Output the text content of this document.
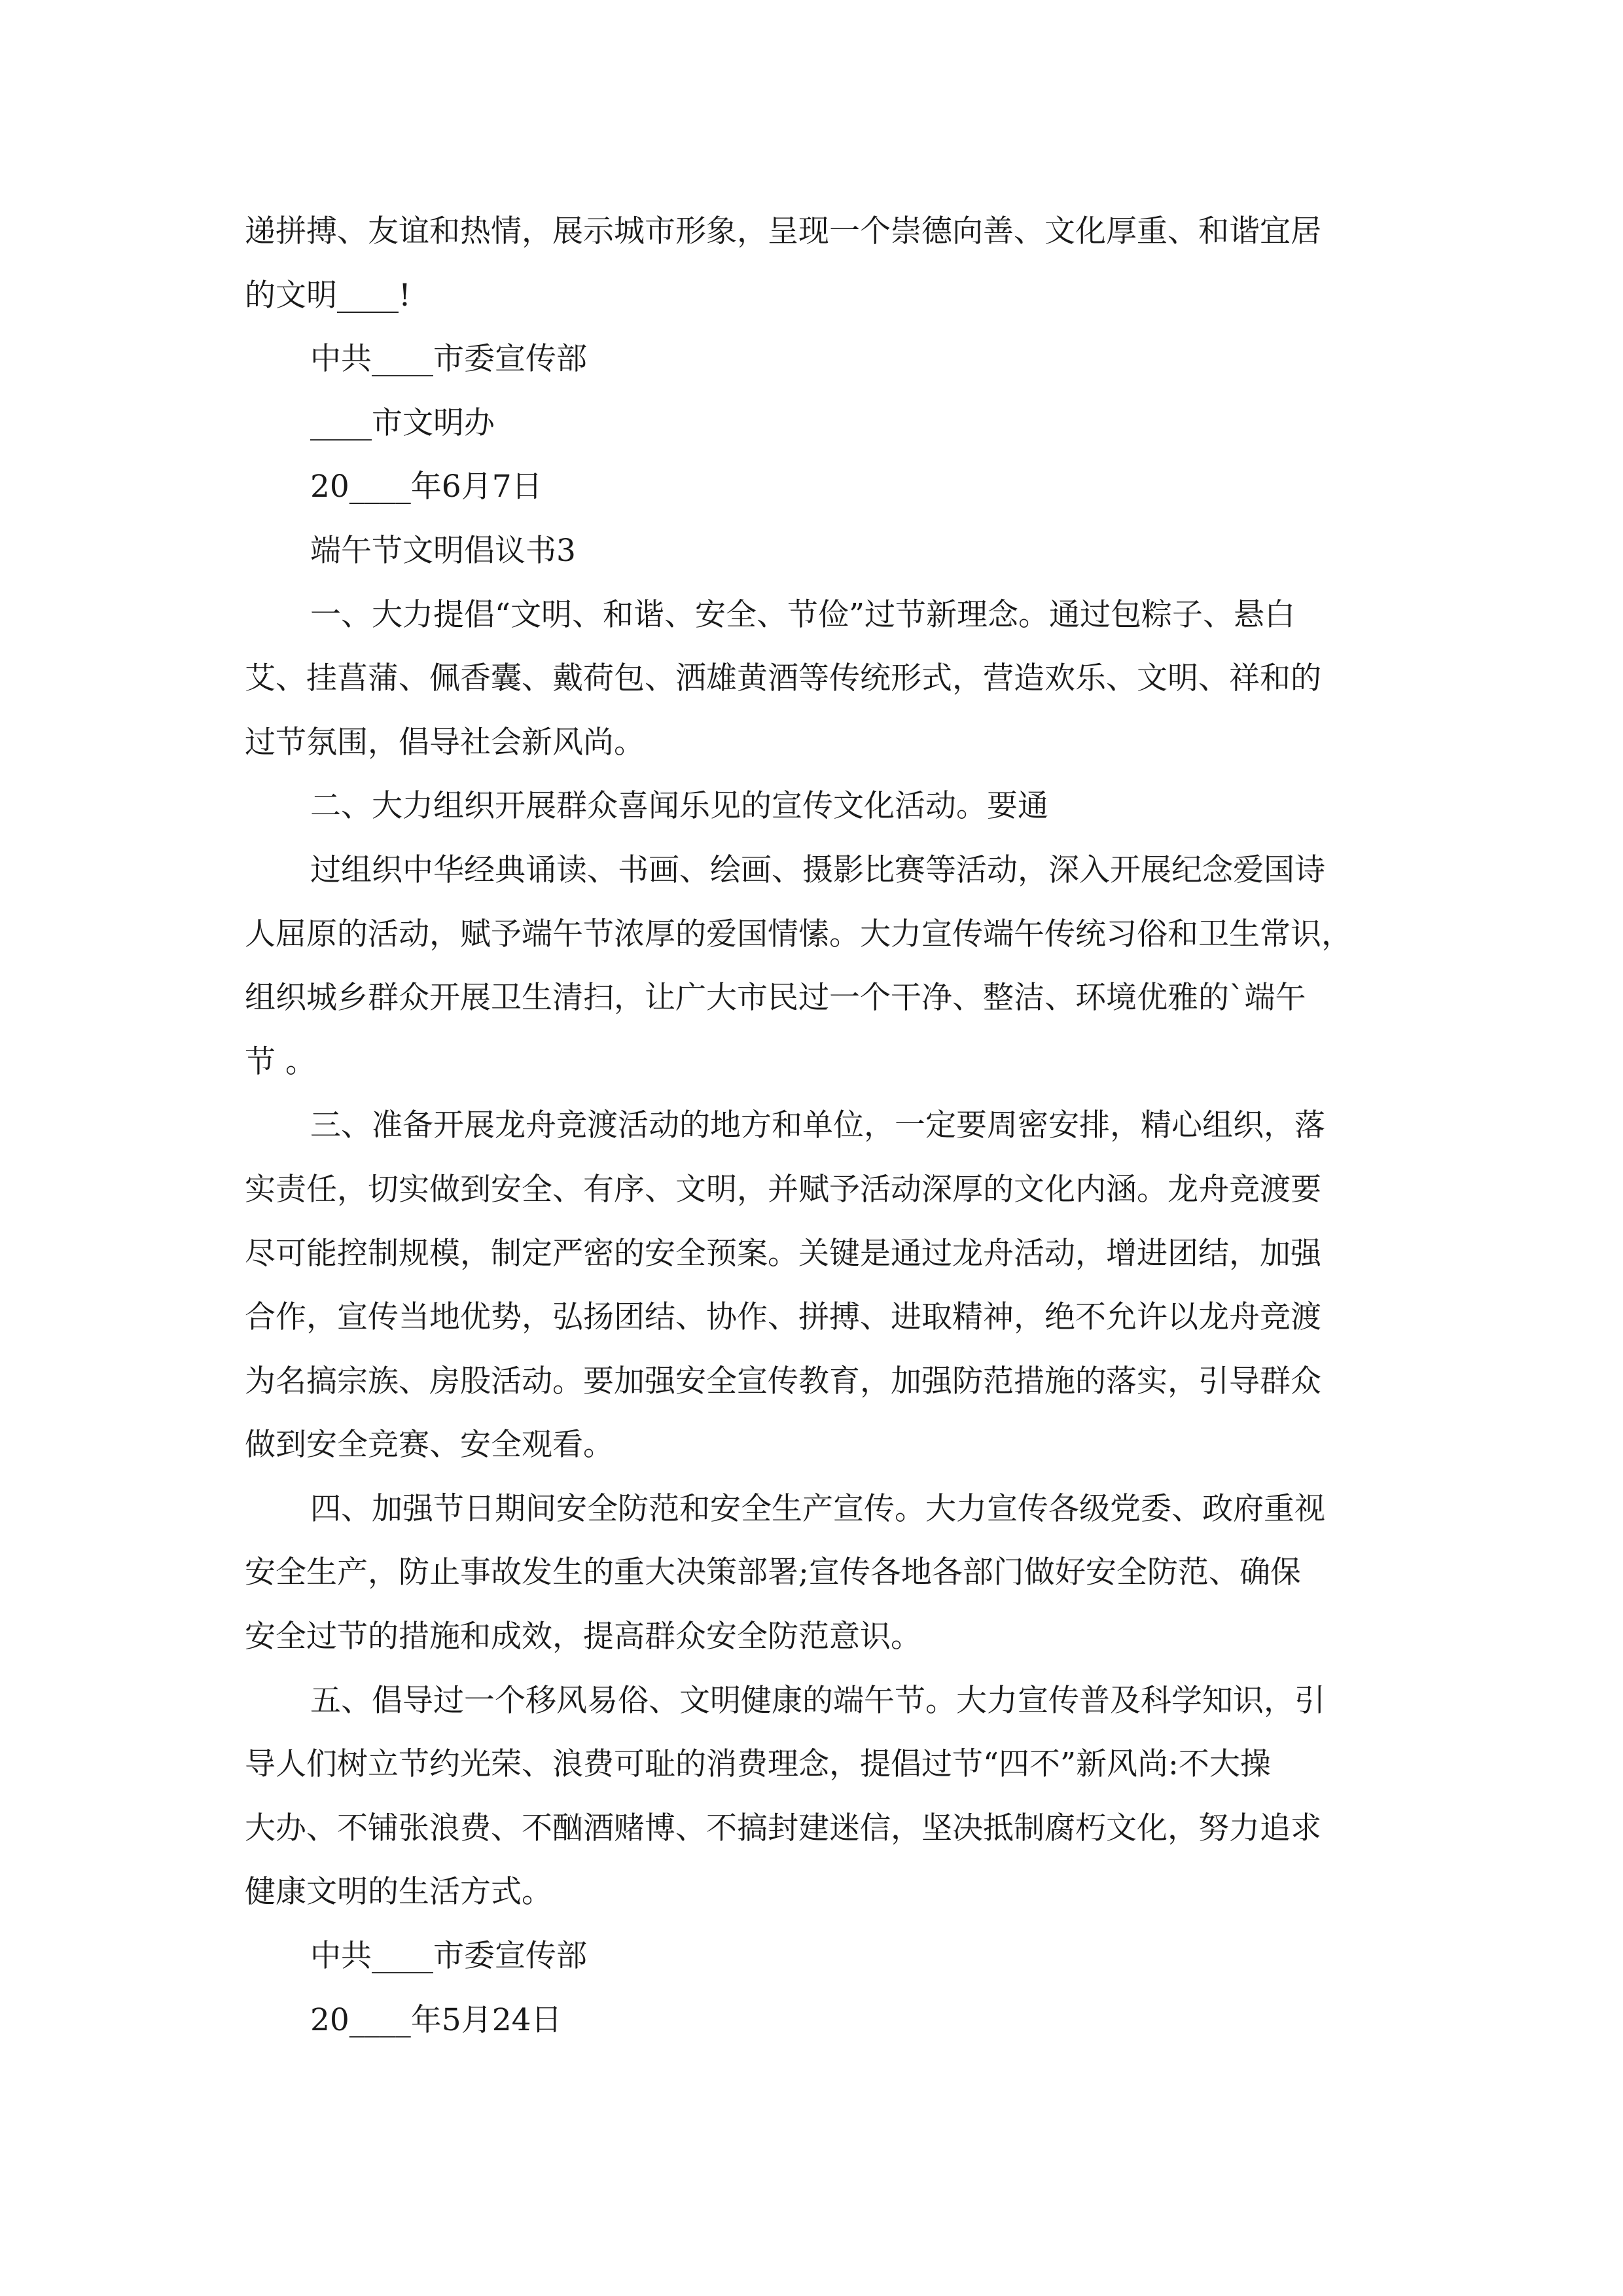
递拼搏、友谊和热情，展示城市形象，呈现一个崇德向善、文化厚重、和谐宜居
的文明____!
中共____市委宣传部
____市文明办
20____年6月7日
端午节文明倡议书3
一、大力提倡“文明、和谐、安全、节俭”过节新理念。通过包粽子、悬白
艾、挂菖蒲、佩香囊、戴荷包、洒雄黄酒等传统形式，营造欢乐、文明、祥和的
过节氛围，倡导社会新风尚。
二、大力组织开展群众喜闻乐见的宣传文化活动。要通
过组织中华经典诵读、书画、绘画、摄影比赛等活动，深入开展纪念爱国诗
人屈原的活动，赋予端午节浓厚的爱国情愫。大力宣传端午传统习俗和卫生常识，
组织城乡群众开展卫生清扫，让广大市民过一个干净、整洁、环境优雅的`端午
节 。
三、准备开展龙舟竞渡活动的地方和单位，一定要周密安排，精心组织，落
实责任，切实做到安全、有序、文明，并赋予活动深厚的文化内涵。龙舟竞渡要
尽可能控制规模，制定严密的安全预案。关键是通过龙舟活动，增进团结，加强
合作，宣传当地优势，弘扬团结、协作、拼搏、进取精神，绝不允许以龙舟竞渡
为名搞宗族、房股活动。要加强安全宣传教育，加强防范措施的落实，引导群众
做到安全竞赛、安全观看。
四、加强节日期间安全防范和安全生产宣传。大力宣传各级党委、政府重视
安全生产，防止事故发生的重大决策部署;宣传各地各部门做好安全防范、确保
安全过节的措施和成效，提高群众安全防范意识。
五、倡导过一个移风易俗、文明健康的端午节。大力宣传普及科学知识，引
导人们树立节约光荣、浪费可耻的消费理念，提倡过节“四不”新风尚:不大操
大办、不铺张浪费、不酗酒赌博、不搞封建迷信，坚决抵制腐朽文化，努力追求
健康文明的生活方式。
中共____市委宣传部
20____年5月24日
